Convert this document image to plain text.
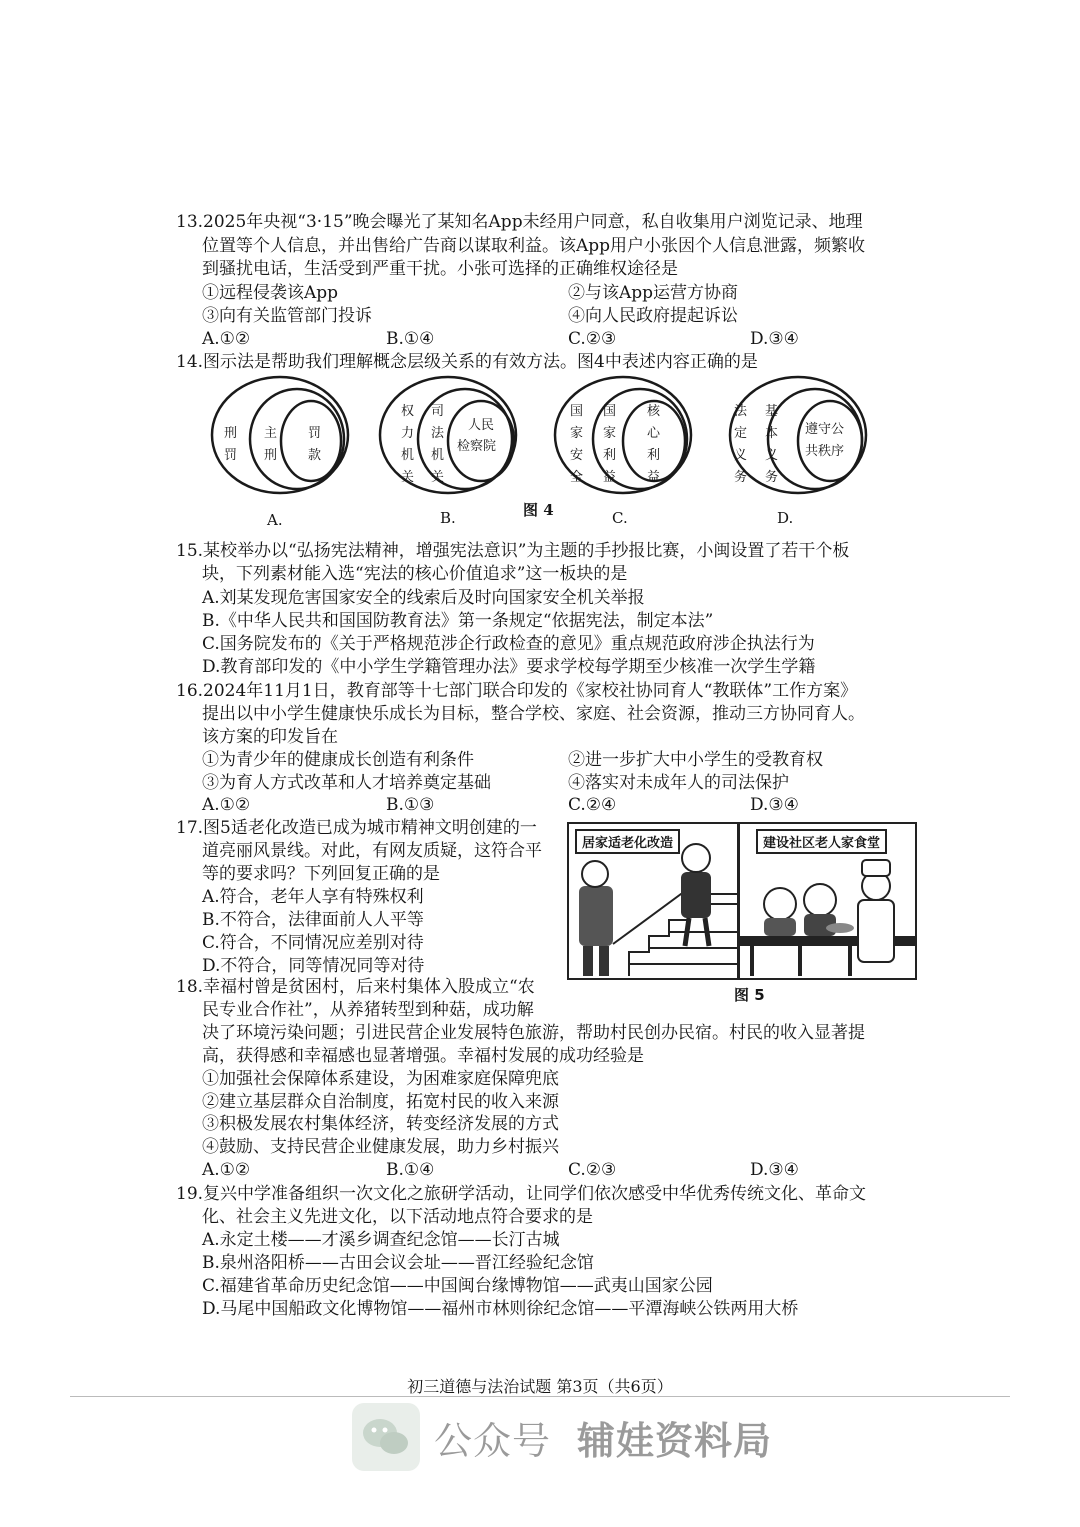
13.2025年央视“3·15”晚会曝光了某知名App未经用户同意，私自收集用户浏览记录、地理
位置等个人信息，并出售给广告商以谋取利益。该App用户小张因个人信息泄露，频繁收
到骚扰电话，生活受到严重干扰。小张可选择的正确维权途径是
①远程侵袭该App	②与该App运营方协商
③向有关监管部门投诉	④向人民政府提起诉讼
A.①②	B.①④	C.②③	D.③④
14.图示法是帮助我们理解概念层级关系的有效方法。图4中表述内容正确的是
刑
罚
主
刑
罚
款
权
力
机
关
司
法
机
关
人民
检察院
国
家
安
全
国
家
利
益
核
心
利
益
法
定
义
务
基
本
义
务
遵守公
共秩序
A.	B.	C.	D.
图 4
15.某校举办以“弘扬宪法精神，增强宪法意识”为主题的手抄报比赛，小闽设置了若干个板
块，下列素材能入选“宪法的核心价值追求”这一板块的是
A.刘某发现危害国家安全的线索后及时向国家安全机关举报
B.《中华人民共和国国防教育法》第一条规定“依据宪法，制定本法”
C.国务院发布的《关于严格规范涉企行政检查的意见》重点规范政府涉企执法行为
D.教育部印发的《中小学生学籍管理办法》要求学校每学期至少核准一次学生学籍
16.2024年11月1日，教育部等十七部门联合印发的《家校社协同育人“教联体”工作方案》
提出以中小学生健康快乐成长为目标，整合学校、家庭、社会资源，推动三方协同育人。
该方案的印发旨在
①为青少年的健康成长创造有利条件	②进一步扩大中小学生的受教育权
③为育人方式改革和人才培养奠定基础	④落实对未成年人的司法保护
A.①②	B.①③	C.②④	D.③④
17.图5适老化改造已成为城市精神文明创建的一
道亮丽风景线。对此，有网友质疑，这符合平
等的要求吗？下列回复正确的是
A.符合，老年人享有特殊权利
B.不符合，法律面前人人平等
C.符合，不同情况应差别对待
D.不符合，同等情况同等对待
居家适老化改造	建设社区老人家食堂
图 5
18.幸福村曾是贫困村，后来村集体入股成立“农
民专业合作社”，从养猪转型到种菇，成功解
决了环境污染问题；引进民营企业发展特色旅游，帮助村民创办民宿。村民的收入显著提
高，获得感和幸福感也显著增强。幸福村发展的成功经验是
①加强社会保障体系建设，为困难家庭保障兜底
②建立基层群众自治制度，拓宽村民的收入来源
③积极发展农村集体经济，转变经济发展的方式
④鼓励、支持民营企业健康发展，助力乡村振兴
A.①②	B.①④	C.②③	D.③④
19.复兴中学准备组织一次文化之旅研学活动，让同学们依次感受中华优秀传统文化、革命文
化、社会主义先进文化，以下活动地点符合要求的是
A.永定土楼——才溪乡调查纪念馆——长汀古城
B.泉州洛阳桥——古田会议会址——晋江经验纪念馆
C.福建省革命历史纪念馆——中国闽台缘博物馆——武夷山国家公园
D.马尾中国船政文化博物馆——福州市林则徐纪念馆——平潭海峡公铁两用大桥
初三道德与法治试题 第3页（共6页）
公众号 辅娃资料局
